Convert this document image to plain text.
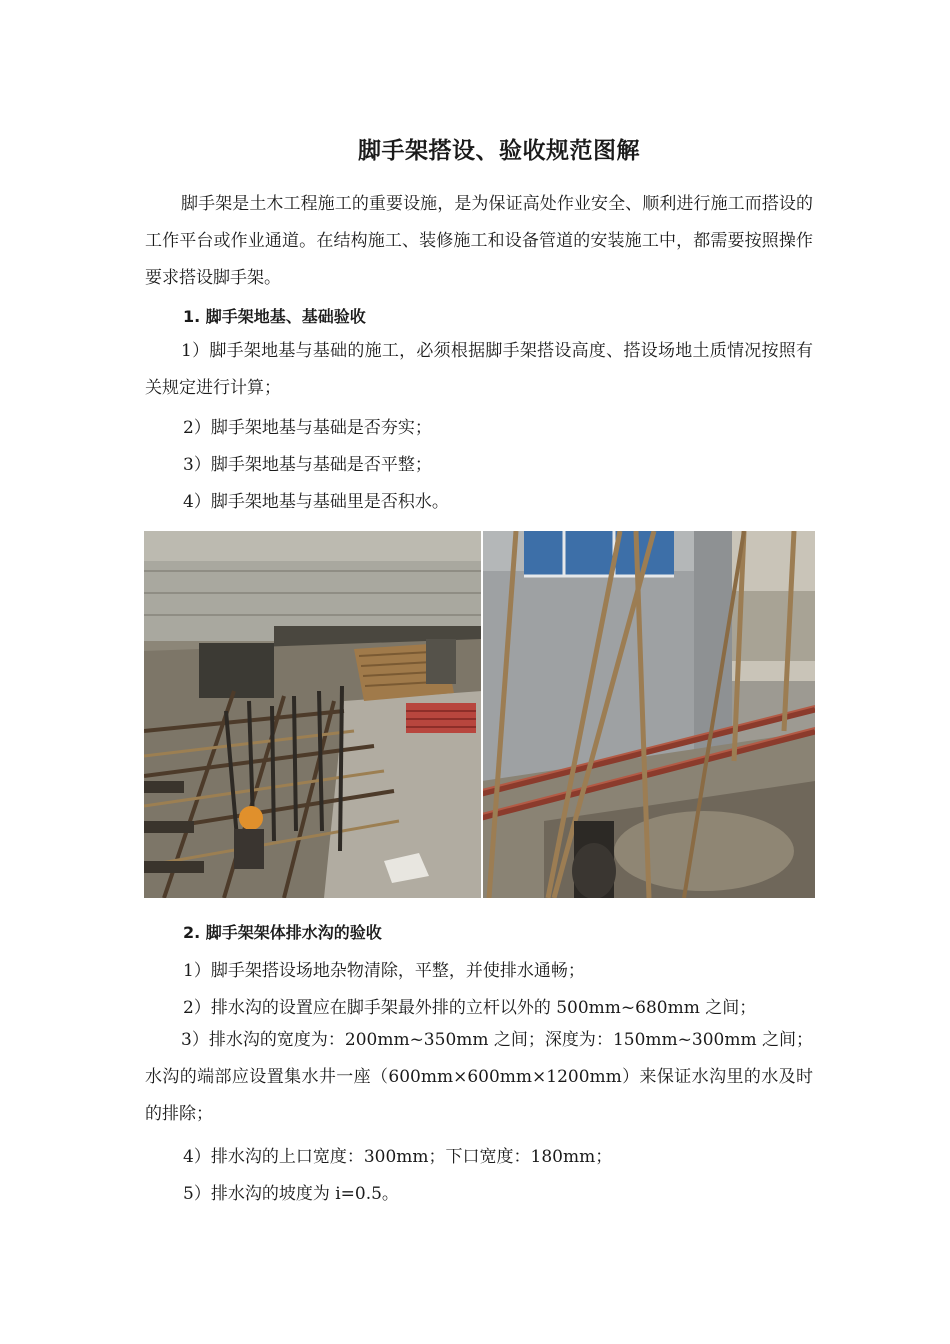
脚手架搭设、验收规范图解

脚手架是土木工程施工的重要设施，是为保证高处作业安全、顺利进行施工而搭设的工作平台或作业通道。在结构施工、装修施工和设备管道的安装施工中，都需要按照操作要求搭设脚手架。

1. 脚手架地基、基础验收

1）脚手架地基与基础的施工，必须根据脚手架搭设高度、搭设场地土质情况按照有关规定进行计算；

2）脚手架地基与基础是否夯实；

3）脚手架地基与基础是否平整；

4）脚手架地基与基础里是否积水。

2. 脚手架架体排水沟的验收

1）脚手架搭设场地杂物清除，平整，并使排水通畅；

2）排水沟的设置应在脚手架最外排的立杆以外的 500mm~680mm 之间；

3）排水沟的宽度为：200mm~350mm 之间；深度为：150mm~300mm 之间；水沟的端部应设置集水井一座（600mm×600mm×1200mm）来保证水沟里的水及时的排除；

4）排水沟的上口宽度：300mm；下口宽度：180mm；

5）排水沟的坡度为 i=0.5。
